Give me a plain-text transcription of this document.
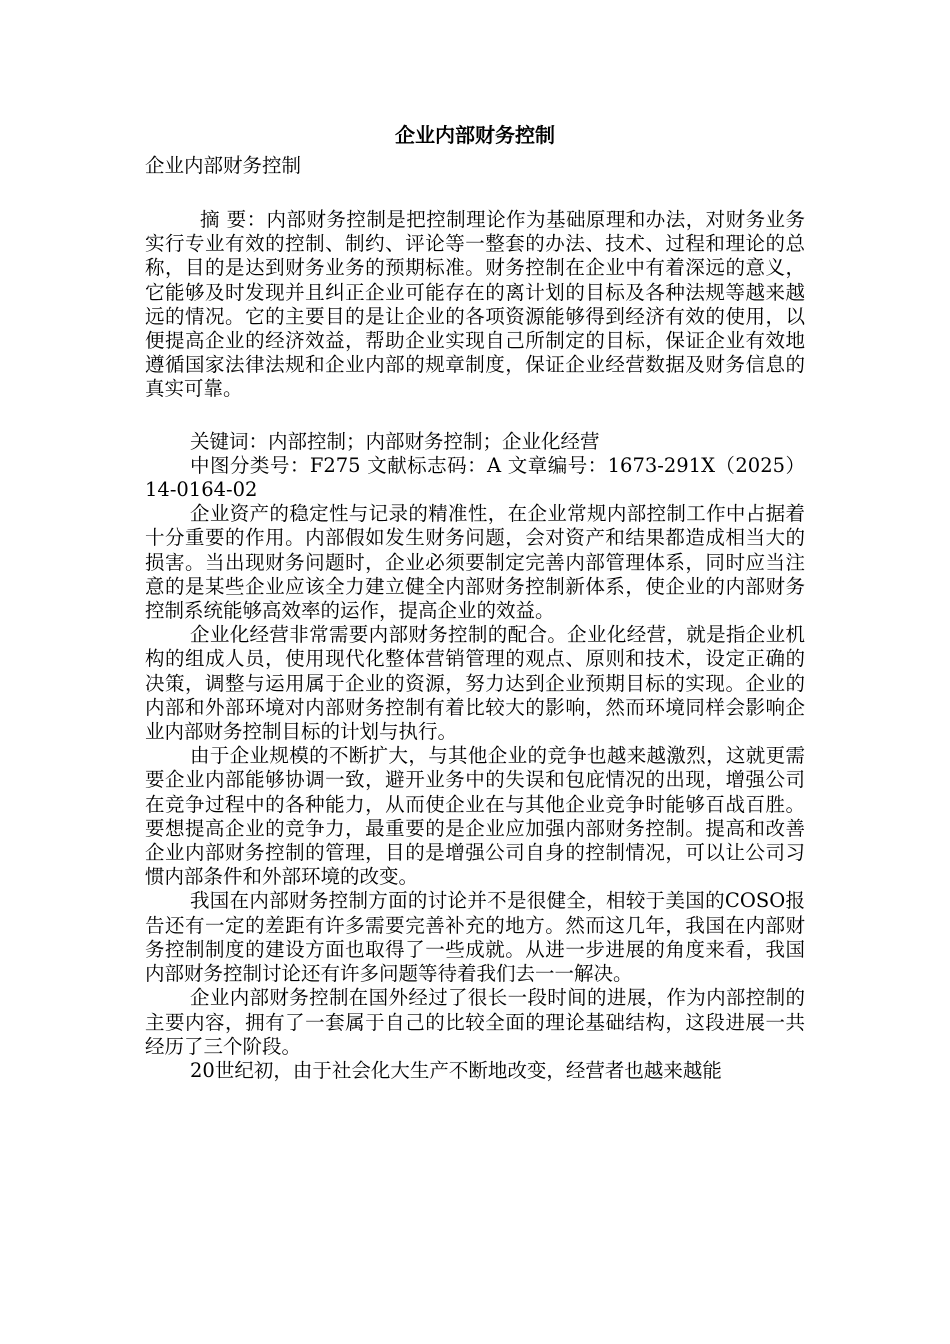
企业内部财务控制

企业内部财务控制

摘 要：内部财务控制是把控制理论作为基础原理和办法，对财务业务实行专业有效的控制、制约、评论等一整套的办法、技术、过程和理论的总称，目的是达到财务业务的预期标准。财务控制在企业中有着深远的意义，它能够及时发现并且纠正企业可能存在的离计划的目标及各种法规等越来越远的情况。它的主要目的是让企业的各项资源能够得到经济有效的使用，以便提高企业的经济效益，帮助企业实现自己所制定的目标，保证企业有效地遵循国家法律法规和企业内部的规章制度，保证企业经营数据及财务信息的真实可靠。

关键词：内部控制；内部财务控制；企业化经营

中图分类号：F275 文献标志码：A 文章编号：1673-291X（2025）14-0164-02

企业资产的稳定性与记录的精准性，在企业常规内部控制工作中占据着十分重要的作用。内部假如发生财务问题，会对资产和结果都造成相当大的损害。当出现财务问题时，企业必须要制定完善内部管理体系，同时应当注意的是某些企业应该全力建立健全内部财务控制新体系，使企业的内部财务控制系统能够高效率的运作，提高企业的效益。

企业化经营非常需要内部财务控制的配合。企业化经营，就是指企业机构的组成人员，使用现代化整体营销管理的观点、原则和技术，设定正确的决策，调整与运用属于企业的资源，努力达到企业预期目标的实现。企业的内部和外部环境对内部财务控制有着比较大的影响，然而环境同样会影响企业内部财务控制目标的计划与执行。

由于企业规模的不断扩大，与其他企业的竞争也越来越激烈，这就更需要企业内部能够协调一致，避开业务中的失误和包庇情况的出现，增强公司在竞争过程中的各种能力，从而使企业在与其他企业竞争时能够百战百胜。要想提高企业的竞争力，最重要的是企业应加强内部财务控制。提高和改善企业内部财务控制的管理，目的是增强公司自身的控制情况，可以让公司习惯内部条件和外部环境的改变。

我国在内部财务控制方面的讨论并不是很健全，相较于美国的COSO报告还有一定的差距有许多需要完善补充的地方。然而这几年，我国在内部财务控制制度的建设方面也取得了一些成就。从进一步进展的角度来看，我国内部财务控制讨论还有许多问题等待着我们去一一解决。

企业内部财务控制在国外经过了很长一段时间的进展，作为内部控制的主要内容，拥有了一套属于自己的比较全面的理论基础结构，这段进展一共经历了三个阶段。

20世纪初，由于社会化大生产不断地改变，经营者也越来越能
